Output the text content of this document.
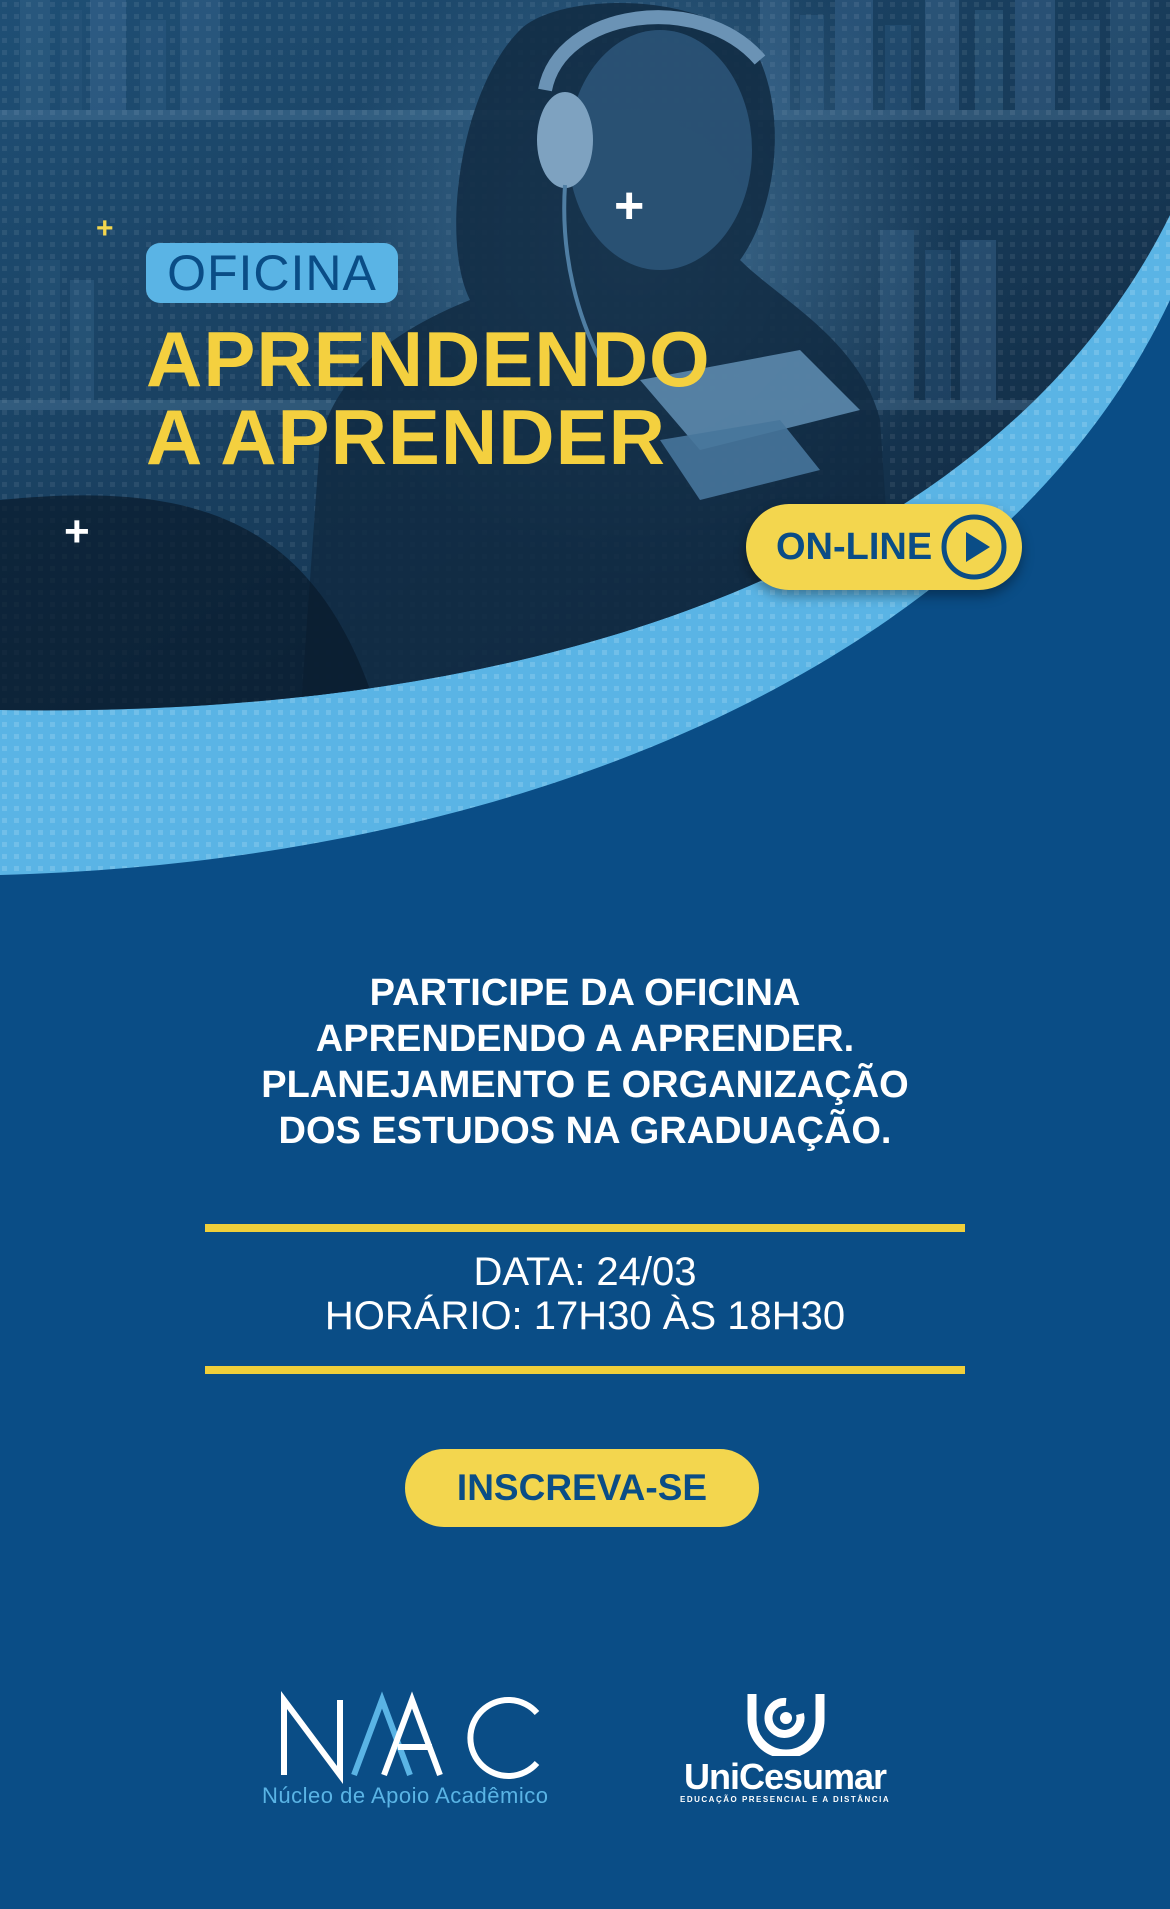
+	+
+
OFICINA
APRENDENDO
A APRENDER
ON-LINE
PARTICIPE DA OFICINA
APRENDENDO A APRENDER.
PLANEJAMENTO E ORGANIZAÇÃO
DOS ESTUDOS NA GRADUAÇÃO.
DATA: 24/03
HORÁRIO: 17H30 ÀS 18H30
INSCREVA-SE
Núcleo de Apoio Acadêmico	UniCesumar
EDUCAÇÃO PRESENCIAL E A DISTÂNCIA
